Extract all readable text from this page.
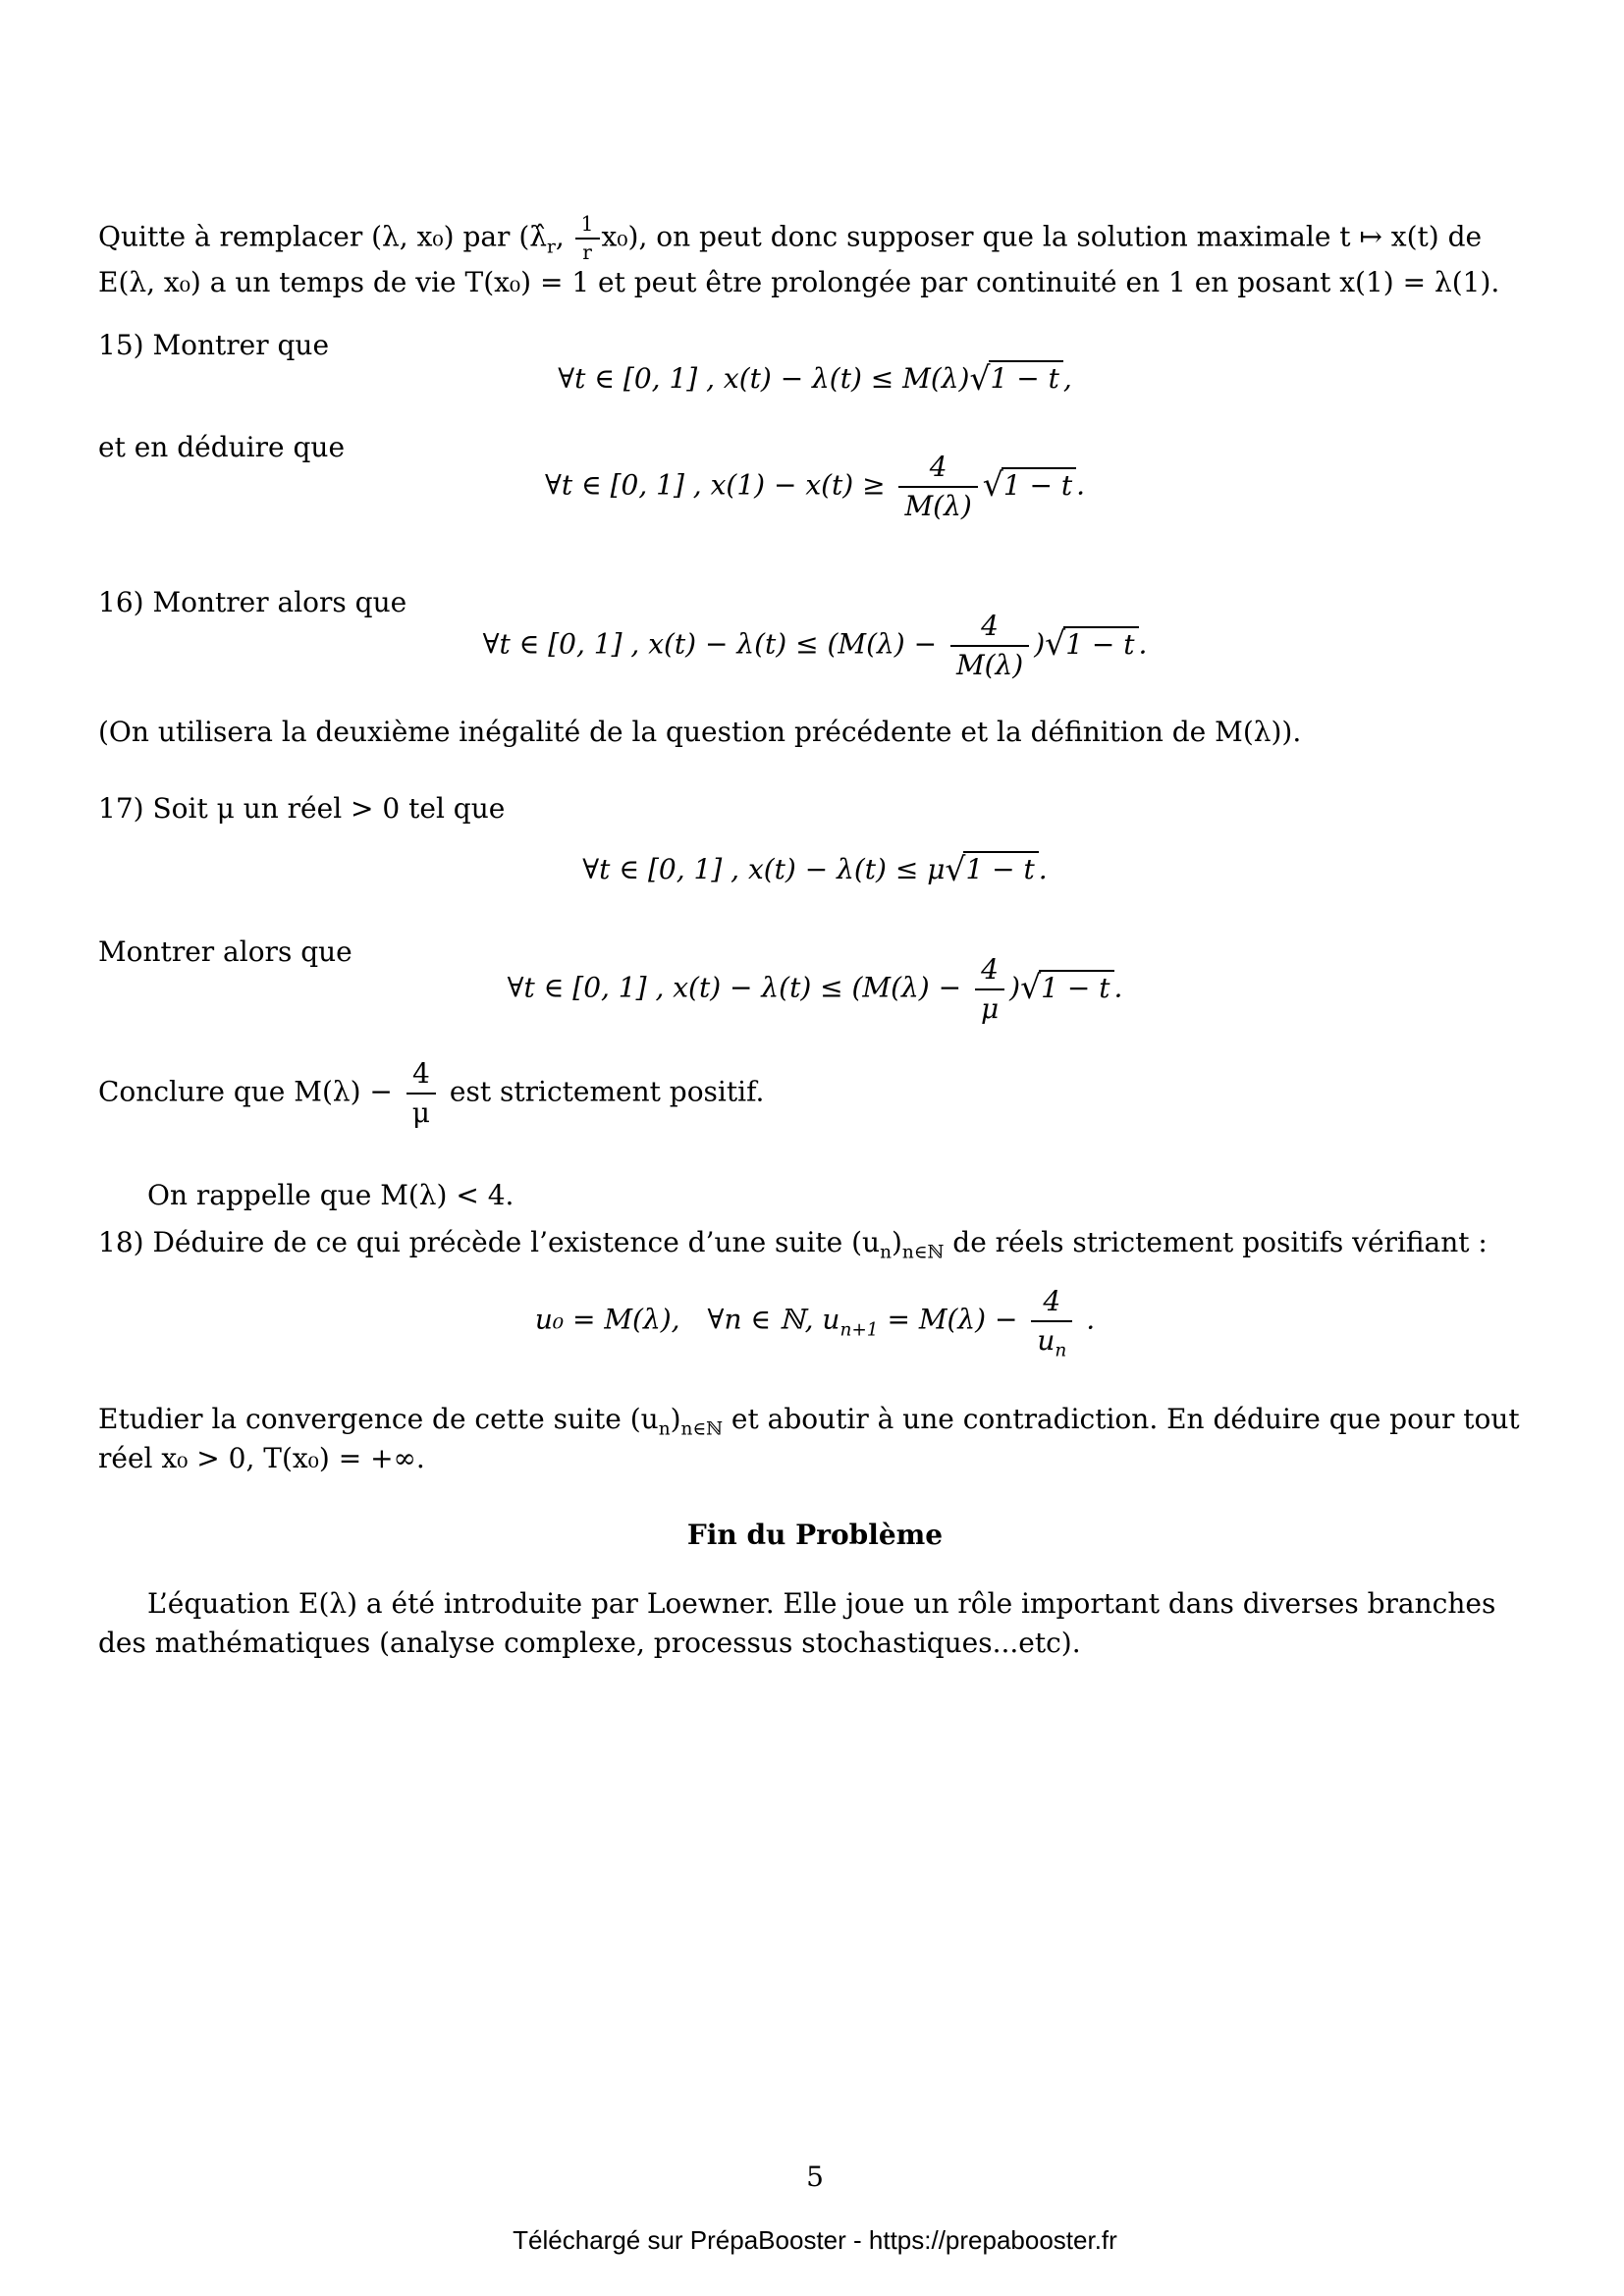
Quitte à remplacer (λ, x₀) par ($\lambdâ_r$, $\frac{1}{r} x_0$), on peut donc supposer que la solution maximale t ↦ x(t) de
E(λ, x₀) a un temps de vie T(x₀) = 1 et peut être prolongée par continuité en 1 en posant x(1) = λ(1).
15) Montrer que
∀t ∈ [0, 1] , x(t) − λ(t) ≤ M(λ)√1 − t ,
et en déduire que
∀t ∈ [0, 1] , $x(1) - x(t) \ge \frac{4}{M(\lambda)} √1 - t$ .
16) Montrer alors que
∀t ∈ [0, 1] , $x(t) - \lambda(t) \le (M(\lambda) - \frac{4}{M(\lambda)} )√1 - t$ .
(On utilisera la deuxième inégalité de la question précédente et la définition de M(λ)).
17) Soit μ un réel > 0 tel que
∀t ∈ [0, 1] , x(t) − λ(t) ≤ μ√1 − t .
Montrer alors que
∀t ∈ [0, 1] , $x(t) - \lambda(t) \le (M(\lambda) - \frac{4}{\mu} )√1 - t$ .
Conclure que $M(\lambda) - \frac{4}{\mu}$ est strictement positif.
On rappelle que M(λ) < 4.
18) Déduire de ce qui précède l’existence d’une suite $(u_n)_{n\in ℕ}$ de réels strictement positifs vérifiant :
u₀ = M(λ), ∀n ∈ ℕ, $u_{n+1} = M(\lambda) - \frac{4}{u_n}$ .
Etudier la convergence de cette suite $(u_n)_{n\in ℕ}$ et aboutir à une contradiction. En déduire que pour tout
réel x₀ > 0, T(x₀) = +∞.
Fin du Problème
L’équation E(λ) a été introduite par Loewner. Elle joue un rôle important dans diverses branches
des mathématiques (analyse complexe, processus stochastiques...etc).
5
Téléchargé sur PrépaBooster - https://prepabooster.fr
